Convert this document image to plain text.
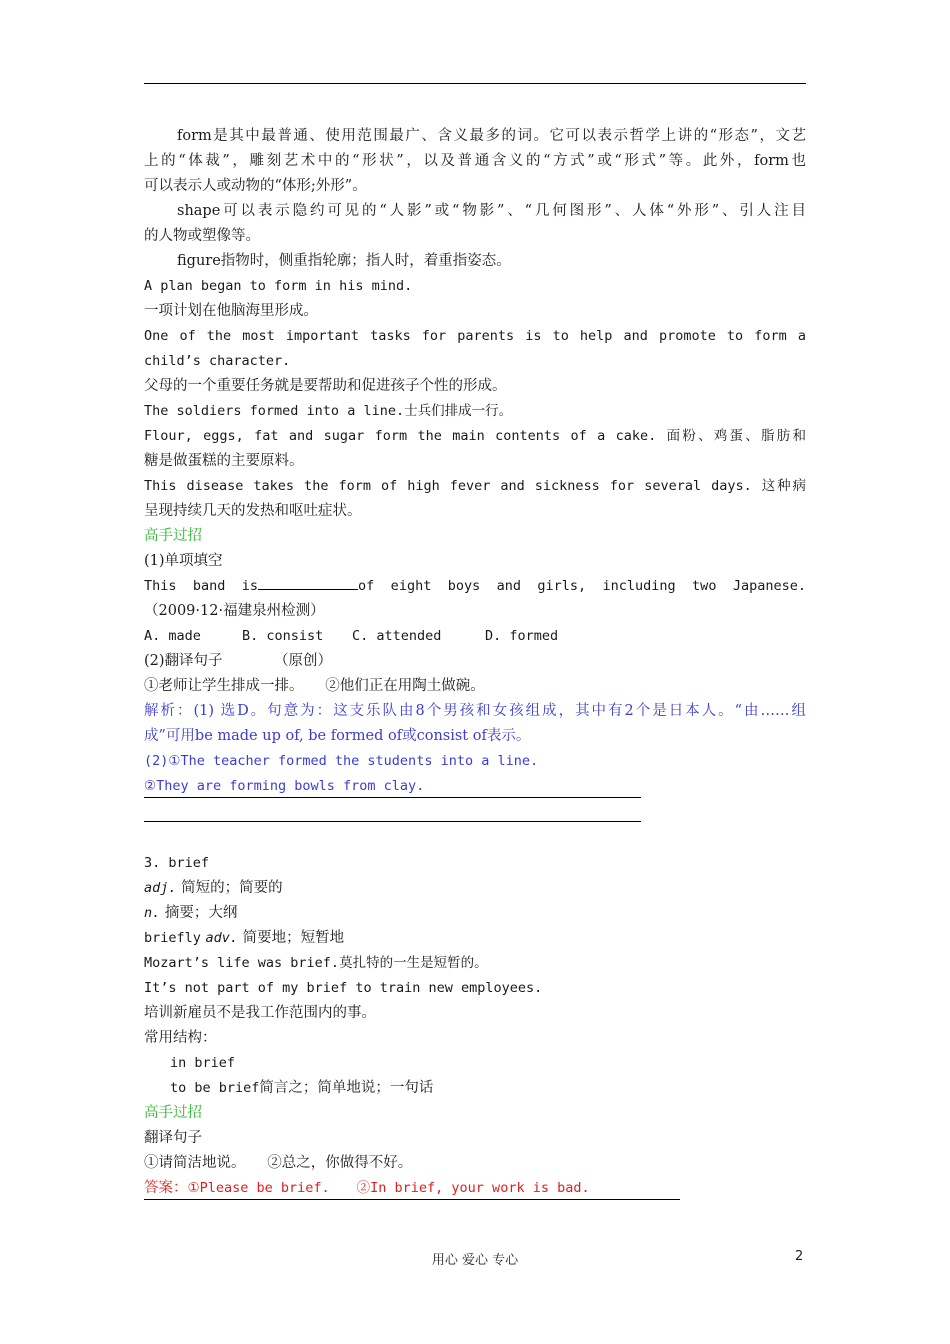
form是其中最普通、使用范围最广、含义最多的词。它可以表示哲学上讲的“形态”，文艺
上的“体裁”，雕刻艺术中的“形状”，以及普通含义的“方式”或“形式”等。此外，form也
可以表示人或动物的“体形;外形”。
shape可以表示隐约可见的“人影”或“物影”、“几何图形”、人体“外形”、引人注目
的人物或塑像等。
figure指物时，侧重指轮廓；指人时，着重指姿态。
A plan began to form in his mind.
一项计划在他脑海里形成。
One of the most important tasks for parents is to help and promote to form a
child’s character.
父母的一个重要任务就是要帮助和促进孩子个性的形成。
The soldiers formed into a line.士兵们排成一行。
Flour, eggs, fat and sugar form the main contents of a cake. 面粉、鸡蛋、脂肪和
糖是做蛋糕的主要原料。
This disease takes the form of high fever and sickness for several days. 这种病
呈现持续几天的发热和呕吐症状。
高手过招
(1)单项填空
This band is	of eight boys and girls, including two Japanese.
（2009·12·福建泉州检测）
A. made	B. consist C. attended	D. formed
(2)翻译句子	（原创）
①老师让学生排成一排。　　②他们正在用陶土做碗。
解析：(1) 选D。句意为：这支乐队由8个男孩和女孩组成，其中有2个是日本人。“由……组
成”可用be made up of, be formed of或consist of表示。
(2)①The teacher formed the students into a line.
②They are forming bowls from clay.
3. brief
adj. 简短的；简要的
n. 摘要；大纲
briefly adv. 简要地；短暂地
Mozart’s life was brief.莫扎特的一生是短暂的。
It’s not part of my brief to train new employees.
培训新雇员不是我工作范围内的事。
常用结构：
in brief
to be brief简言之；简单地说；一句话
高手过招
翻译句子
①请简洁地说。　　②总之，你做得不好。
答案：①Please be brief.　　②In brief, your work is bad.
用心 爱心 专心	2
